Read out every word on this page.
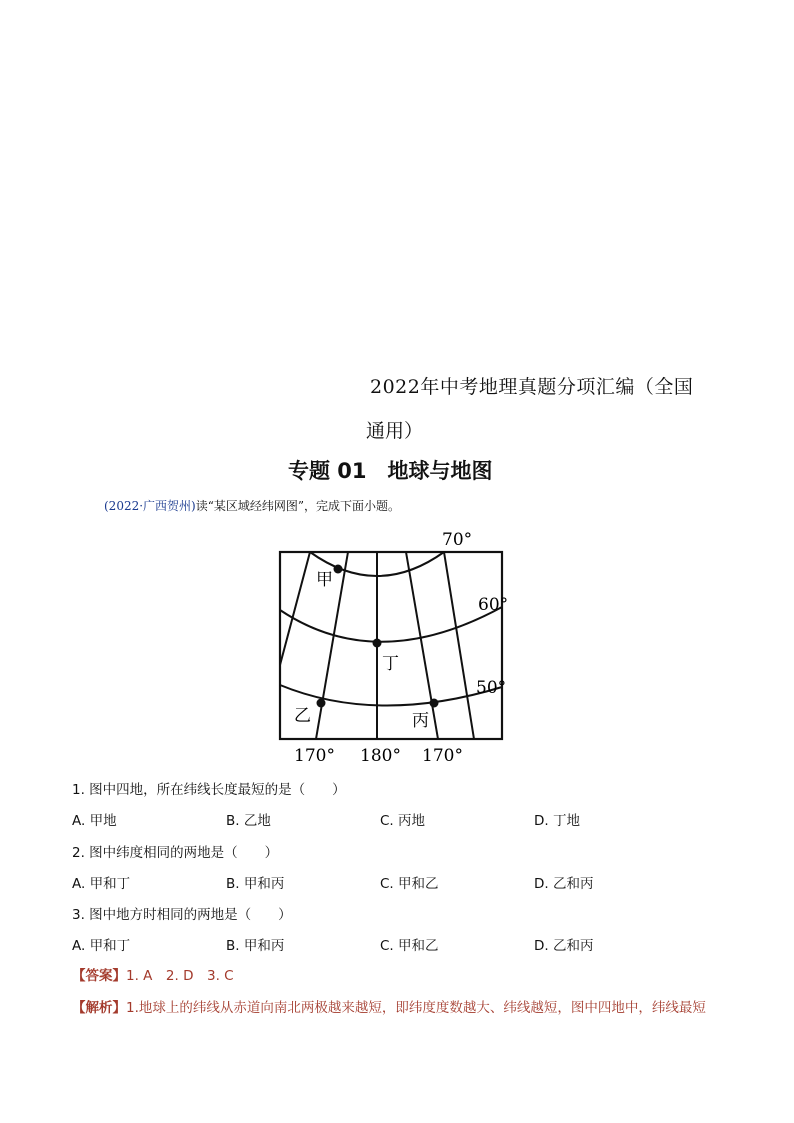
2022年中考地理真题分项汇编（全国
通用）
专题 01　地球与地图
(2022·广西贺州)读“某区域经纬网图”，完成下面小题。
甲
丁
乙	丙
70°
60°
50°
170° 180° 170°
1. 图中四地，所在纬线长度最短的是（　　）
A. 甲地	B. 乙地	C. 丙地	D. 丁地
2. 图中纬度相同的两地是（　　）
A. 甲和丁	B. 甲和丙	C. 甲和乙	D. 乙和丙
3. 图中地方时相同的两地是（　　）
A. 甲和丁	B. 甲和丙	C. 甲和乙	D. 乙和丙
【答案】1. A　2. D　3. C
【解析】1.地球上的纬线从赤道向南北两极越来越短，即纬度度数越大、纬线越短，图中四地中，纬线最短
